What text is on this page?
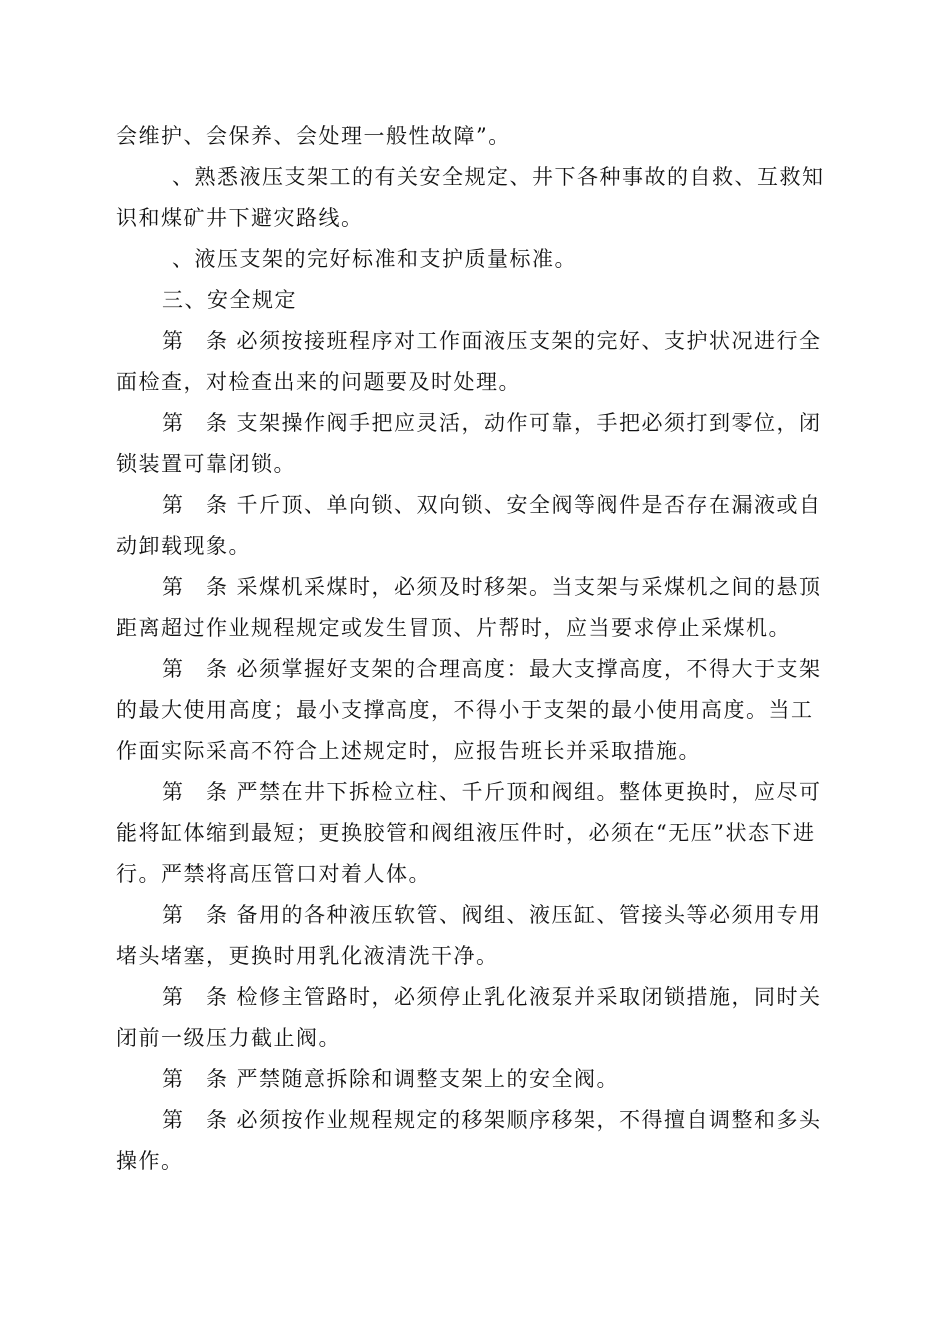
会维护、会保养、会处理一般性故障”。

、熟悉液压支架工的有关安全规定、井下各种事故的自救、互救知识和煤矿井下避灾路线。

、液压支架的完好标准和支护质量标准。

三、安全规定

第 条 必须按接班程序对工作面液压支架的完好、支护状况进行全面检查，对检查出来的问题要及时处理。

第 条 支架操作阀手把应灵活，动作可靠，手把必须打到零位，闭锁装置可靠闭锁。

第 条 千斤顶、单向锁、双向锁、安全阀等阀件是否存在漏液或自动卸载现象。

第 条 采煤机采煤时，必须及时移架。当支架与采煤机之间的悬顶距离超过作业规程规定或发生冒顶、片帮时，应当要求停止采煤机。

第 条 必须掌握好支架的合理高度：最大支撑高度，不得大于支架的最大使用高度；最小支撑高度，不得小于支架的最小使用高度。当工作面实际采高不符合上述规定时，应报告班长并采取措施。

第 条 严禁在井下拆检立柱、千斤顶和阀组。整体更换时，应尽可能将缸体缩到最短；更换胶管和阀组液压件时，必须在“无压”状态下进行。严禁将高压管口对着人体。

第 条 备用的各种液压软管、阀组、液压缸、管接头等必须用专用堵头堵塞，更换时用乳化液清洗干净。

第 条 检修主管路时，必须停止乳化液泵并采取闭锁措施，同时关闭前一级压力截止阀。

第 条 严禁随意拆除和调整支架上的安全阀。

第 条 必须按作业规程规定的移架顺序移架，不得擅自调整和多头操作。
